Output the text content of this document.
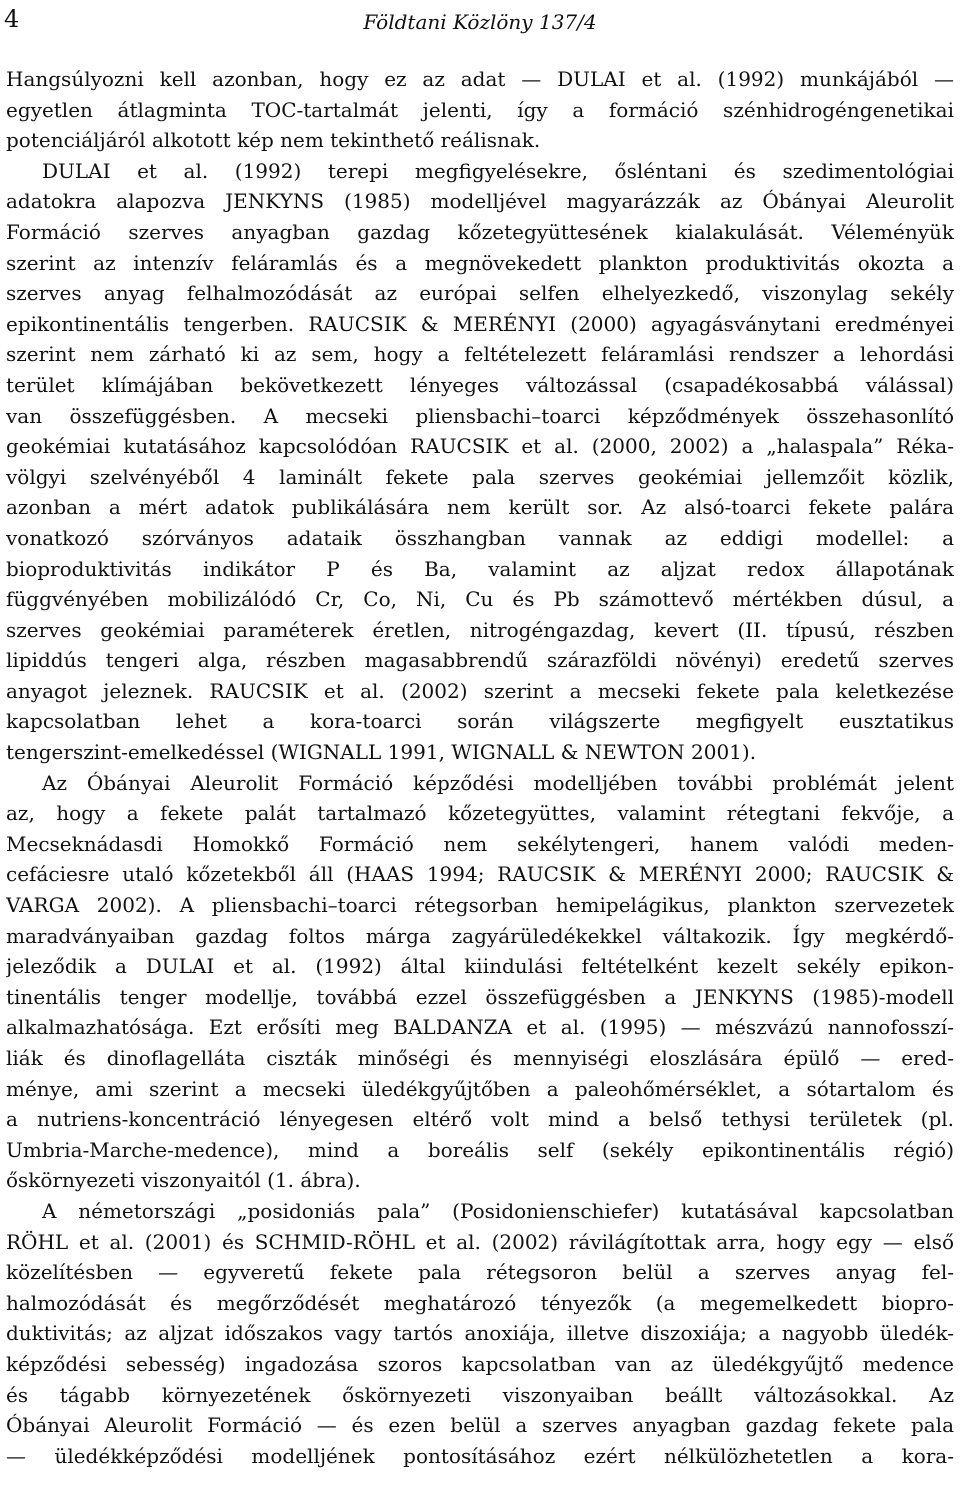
4	Földtani Közlöny 137/4
Hangsúlyozni kell azonban, hogy ez az adat — DULAI et al. (1992) munkájából —
egyetlen átlagminta TOC-tartalmát jelenti, így a formáció szénhidrogéngenetikai
potenciáljáról alkotott kép nem tekinthető reálisnak.
DULAI et al. (1992) terepi megfigyelésekre, ősléntani és szedimentológiai
adatokra alapozva JENKYNS (1985) modelljével magyarázzák az Óbányai Aleurolit
Formáció szerves anyagban gazdag kőzetegyüttesének kialakulását. Véleményük
szerint az intenzív feláramlás és a megnövekedett plankton produktivitás okozta a
szerves anyag felhalmozódását az európai selfen elhelyezkedő, viszonylag sekély
epikontinentális tengerben. RAUCSIK & MERÉNYI (2000) agyagásványtani eredményei
szerint nem zárható ki az sem, hogy a feltételezett feláramlási rendszer a lehordási
terület klímájában bekövetkezett lényeges változással (csapadékosabbá válással)
van összefüggésben. A mecseki pliensbachi–toarci képződmények összehasonlító
geokémiai kutatásához kapcsolódóan RAUCSIK et al. (2000, 2002) a „halaspala” Réka-
völgyi szelvényéből 4 laminált fekete pala szerves geokémiai jellemzőit közlik,
azonban a mért adatok publikálására nem került sor. Az alsó-toarci fekete palára
vonatkozó szórványos adataik összhangban vannak az eddigi modellel: a
bioproduktivitás indikátor P és Ba, valamint az aljzat redox állapotának
függvényében mobilizálódó Cr, Co, Ni, Cu és Pb számottevő mértékben dúsul, a
szerves geokémiai paraméterek éretlen, nitrogéngazdag, kevert (II. típusú, részben
lipiddús tengeri alga, részben magasabbrendű szárazföldi növényi) eredetű szerves
anyagot jeleznek. RAUCSIK et al. (2002) szerint a mecseki fekete pala keletkezése
kapcsolatban lehet a kora-toarci során világszerte megfigyelt eusztatikus
tengerszint-emelkedéssel (WIGNALL 1991, WIGNALL & NEWTON 2001).
Az Óbányai Aleurolit Formáció képződési modelljében további problémát jelent
az, hogy a fekete palát tartalmazó kőzetegyüttes, valamint rétegtani fekvője, a
Mecseknádasdi Homokkő Formáció nem sekélytengeri, hanem valódi meden-
cefáciesre utaló kőzetekből áll (HAAS 1994; RAUCSIK & MERÉNYI 2000; RAUCSIK &
VARGA 2002). A pliensbachi–toarci rétegsorban hemipelágikus, plankton szervezetek
maradványaiban gazdag foltos márga zagyárüledékekkel váltakozik. Így megkérdő-
jeleződik a DULAI et al. (1992) által kiindulási feltételként kezelt sekély epikon-
tinentális tenger modellje, továbbá ezzel összefüggésben a JENKYNS (1985)-modell
alkalmazhatósága. Ezt erősíti meg BALDANZA et al. (1995) — mészvázú nannofosszí-
liák és dinoflagelláta ciszták minőségi és mennyiségi eloszlására épülő — ered-
ménye, ami szerint a mecseki üledékgyűjtőben a paleohőmérséklet, a sótartalom és
a nutriens-koncentráció lényegesen eltérő volt mind a belső tethysi területek (pl.
Umbria-Marche-medence), mind a boreális self (sekély epikontinentális régió)
őskörnyezeti viszonyaitól (1. ábra).
A németországi „posidoniás pala” (Posidonienschiefer) kutatásával kapcsolatban
RÖHL et al. (2001) és SCHMID-RÖHL et al. (2002) rávilágítottak arra, hogy egy — első
közelítésben — egyveretű fekete pala rétegsoron belül a szerves anyag fel-
halmozódását és megőrződését meghatározó tényezők (a megemelkedett biopro-
duktivitás; az aljzat időszakos vagy tartós anoxiája, illetve diszoxiája; a nagyobb üledék-
képződési sebesség) ingadozása szoros kapcsolatban van az üledékgyűjtő medence
és tágabb környezetének őskörnyezeti viszonyaiban beállt változásokkal. Az
Óbányai Aleurolit Formáció — és ezen belül a szerves anyagban gazdag fekete pala
— üledékképződési modelljének pontosításához ezért nélkülözhetetlen a kora-
